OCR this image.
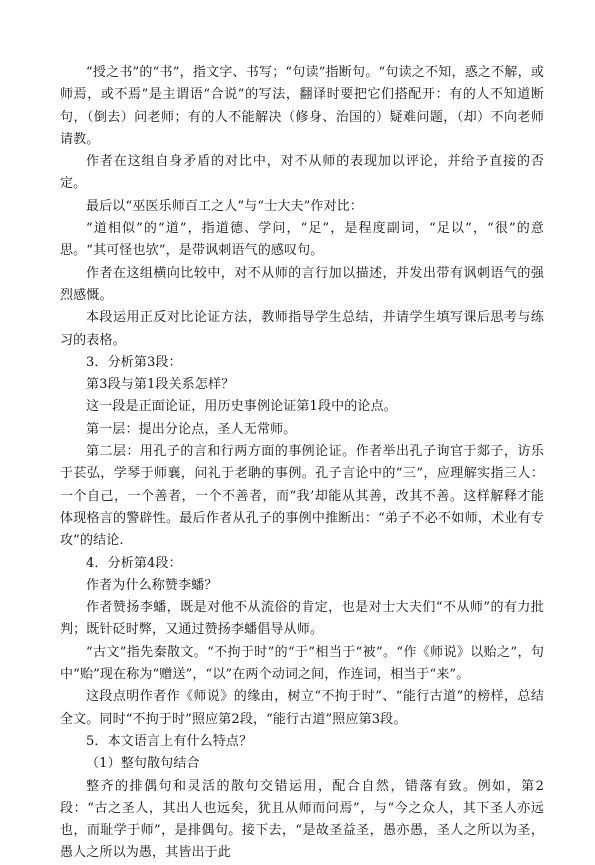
“授之书”的“书”，指文字、书写；“句读”指断句。“句读之不知，惑之不解，或师焉，或不焉”是主谓语“合说”的写法，翻译时要把它们搭配开：有的人不知道断句，（倒去）问老师；有的人不能解决（修身、治国的）疑难问题，（却）不向老师请教。

作者在这组自身矛盾的对比中，对不从师的表现加以评论，并给予直接的否定。

最后以“巫医乐师百工之人”与“士大夫”作对比：

“道相似”的“道”，指道德、学问，“足”，是程度副词，“足以”，“很”的意思。“其可怪也欤”，是带讽刺语气的感叹句。

作者在这组横向比较中，对不从师的言行加以描述，并发出带有讽刺语气的强烈感慨。

本段运用正反对比论证方法，教师指导学生总结，并请学生填写课后思考与练习的表格。

3．分析第3段：

第3段与第1段关系怎样？

这一段是正面论证，用历史事例论证第1段中的论点。

第一层：提出分论点，圣人无常师。

第二层：用孔子的言和行两方面的事例论证。作者举出孔子询官于郯子，访乐于苌弘，学琴于师襄，问礼于老聃的事例。孔子言论中的“三”，应理解实指三人：一个自己，一个善者，一个不善者，而“我’却能从其善，改其不善。这样解释才能体现格言的警辟性。最后作者从孔子的事例中推断出：“弟子不必不如师，术业有专攻”的结论.

4．分析第4段：

作者为什么称赞李蟠？

作者赞扬李蟠，既是对他不从流俗的肯定，也是对士大夫们“不从师”的有力批判；既针砭时弊，又通过赞扬李蟠倡导从师。

“古文”指先秦散文。“不拘于时”的“于”相当于“被”。“作《师说》以贻之”，句中“贻”现在称为“赠送”，“以”在两个动词之间，作连词，相当于“来”。

这段点明作者作《师说》的缘由，树立“不拘于时”、“能行古道”的榜样，总结全文。同时“不拘于时”照应第2段，“能行古道”照应第3段。

5．本文语言上有什么特点？

（1）整句散句结合

整齐的排偶句和灵活的散句交错运用，配合自然，错落有致。例如，第2段：“古之圣人，其出人也远矣，犹且从师而问焉”，与“今之众人，其下圣人亦远也，而耻学于师”，是排偶句。接下去，“是故圣益圣，愚亦愚，圣人之所以为圣，愚人之所以为愚，其皆出于此
